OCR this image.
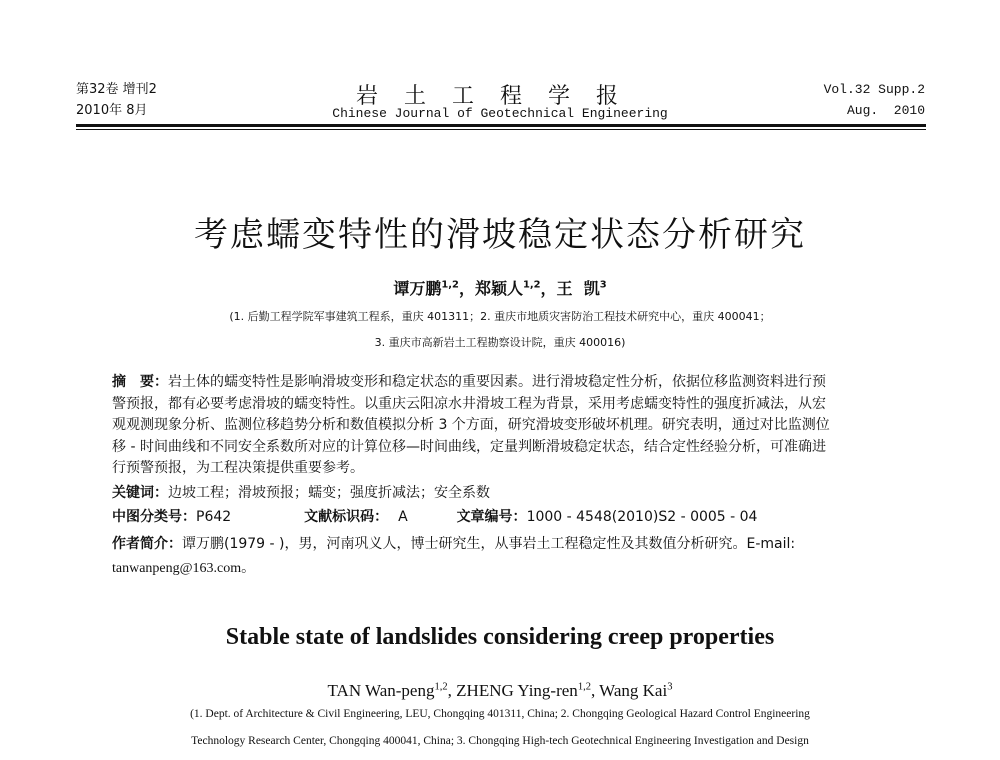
第32卷 增刊2
2010年 8月
岩土工程学报
Chinese Journal of Geotechnical Engineering
Vol.32 Supp.2
Aug.  2010
考虑蠕变特性的滑坡稳定状态分析研究
谭万鹏$^{1,2}$，郑颖人$^{1,2}$，王  凯$^3$
(1. 后勤工程学院军事建筑工程系，重庆 401311；2. 重庆市地质灾害防治工程技术研究中心，重庆 400041；
3. 重庆市高新岩土工程勘察设计院，重庆 400016)
摘　要：岩土体的蠕变特性是影响滑坡变形和稳定状态的重要因素。进行滑坡稳定性分析，依据位移监测资料进行预
警预报，都有必要考虑滑坡的蠕变特性。以重庆云阳凉水井滑坡工程为背景，采用考虑蠕变特性的强度折减法，从宏
观观测现象分析、监测位移趋势分析和数值模拟分析 3 个方面，研究滑坡变形破坏机理。研究表明，通过对比监测位
移 - 时间曲线和不同安全系数所对应的计算位移—时间曲线，定量判断滑坡稳定状态，结合定性经验分析，可准确进
行预警预报，为工程决策提供重要参考。
关键词：边坡工程；滑坡预报；蠕变；强度折减法；安全系数
中图分类号：P642	文献标识码： A	文章编号：1000 - 4548(2010)S2 - 0005 - 04
作者简介：谭万鹏(1979 - )，男，河南巩义人，博士研究生，从事岩土工程稳定性及其数值分析研究。E-mail:
tanwanpeng@163.com。
Stable state of landslides considering creep properties
TAN Wan-peng$^{1,2}$, ZHENG Ying-ren$^{1,2}$, Wang Kai$^3$
(1. Dept. of Architecture & Civil Engineering, LEU, Chongqing 401311, China; 2. Chongqing Geological Hazard Control Engineering
Technology Research Center, Chongqing 400041, China; 3. Chongqing High-tech Geotechnical Engineering Investigation and Design
